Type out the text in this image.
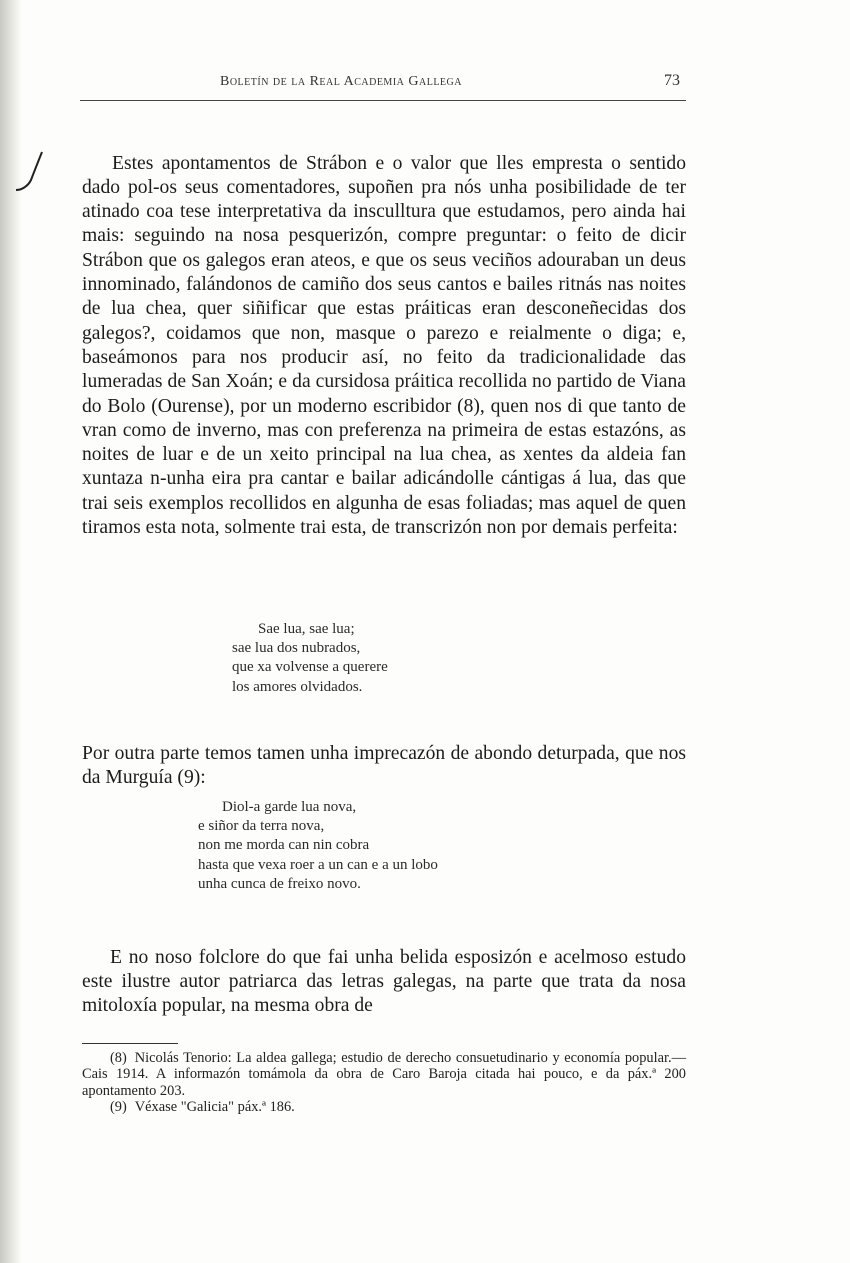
Boletín de la Real Academia Gallega	73

Estes apontamentos de Strábon e o valor que lles empresta o sentido dado pol-os seus comentadores, supoñen pra nós unha posibilidade de ter atinado coa tese interpretativa da insculltura que estudamos, pero ainda hai mais: seguindo na nosa pesquerizón, compre preguntar: o feito de dicir Strábon que os galegos eran ateos, e que os seus veciños adouraban un deus innominado, falándonos de camiño dos seus cantos e bailes ritnás nas noites de lua chea, quer siñificar que estas práiticas eran desconeñecidas dos galegos?, coidamos que non, masque o parezo e reialmente o diga; e, baseámonos para nos producir así, no feito da tradicionalidade das lumeradas de San Xoán; e da cursidosa práitica recollida no partido de Viana do Bolo (Ourense), por un moderno escribidor (8), quen nos di que tanto de vran como de inverno, mas con preferenza na primeira de estas estazóns, as noites de luar e de un xeito principal na lua chea, as xentes da aldeia fan xuntaza n-unha eira pra cantar e bailar adicándolle cántigas á lua, das que trai seis exemplos recollidos en algunha de esas foliadas; mas aquel de quen tiramos esta nota, solmente trai esta, de transcrizón non por demais perfeita:

Sae lua, sae lua;
sae lua dos nubrados,
que xa volvense a querere
los amores olvidados.

Por outra parte temos tamen unha imprecazón de abondo deturpada, que nos da Murguía (9):

Diol-a garde lua nova,
e siñor da terra nova,
non me morda can nin cobra
hasta que vexa roer a un can e a un lobo
unha cunca de freixo novo.

E no noso folclore do que fai unha belida esposizón e acelmoso estudo este ilustre autor patriarca das letras galegas, na parte que trata da nosa mitoloxía popular, na mesma obra de

(8) Nicolás Tenorio: La aldea gallega; estudio de derecho consuetudinario y economía popular.—Cais 1914. A informazón tomámola da obra de Caro Baroja citada hai pouco, e da páx.ª 200 apontamento 203.

(9) Véxase "Galicia" páx.ª 186.
